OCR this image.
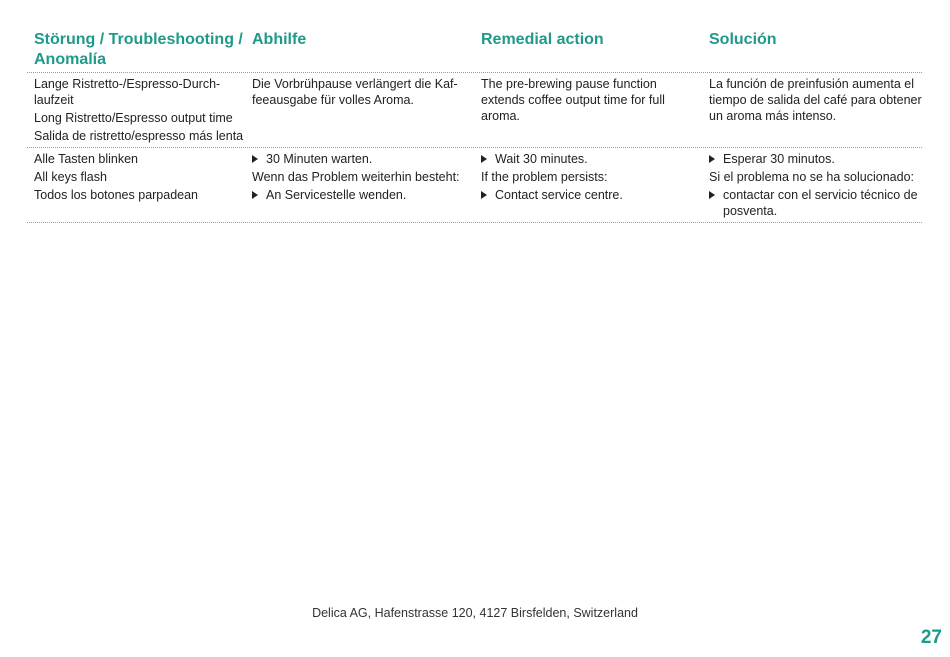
Störung / Troubleshooting / Anomalía
Abhilfe	Remedial action	Solución
Lange Ristretto-/Espresso-Durchlaufzeit
Long Ristretto/Espresso output time
Salida de ristretto/espresso más lenta
Die Vorbrühpause verlängert die Kaffeeausgabe für volles Aroma.
The pre-brewing pause function extends coffee output time for full aroma.
La función de preinfusión aumenta el tiempo de salida del café para obtener un aroma más intenso.
Alle Tasten blinken
All keys flash
Todos los botones parpadean
30 Minuten warten.
Wenn das Problem weiterhin besteht:
An Servicestelle wenden.
Wait 30 minutes.
If the problem persists:
Contact service centre.
Esperar 30 minutos.
Si el problema no se ha solucionado:
contactar con el servicio técnico de posventa.
Delica AG, Hafenstrasse 120, 4127 Birsfelden, Switzerland
27
